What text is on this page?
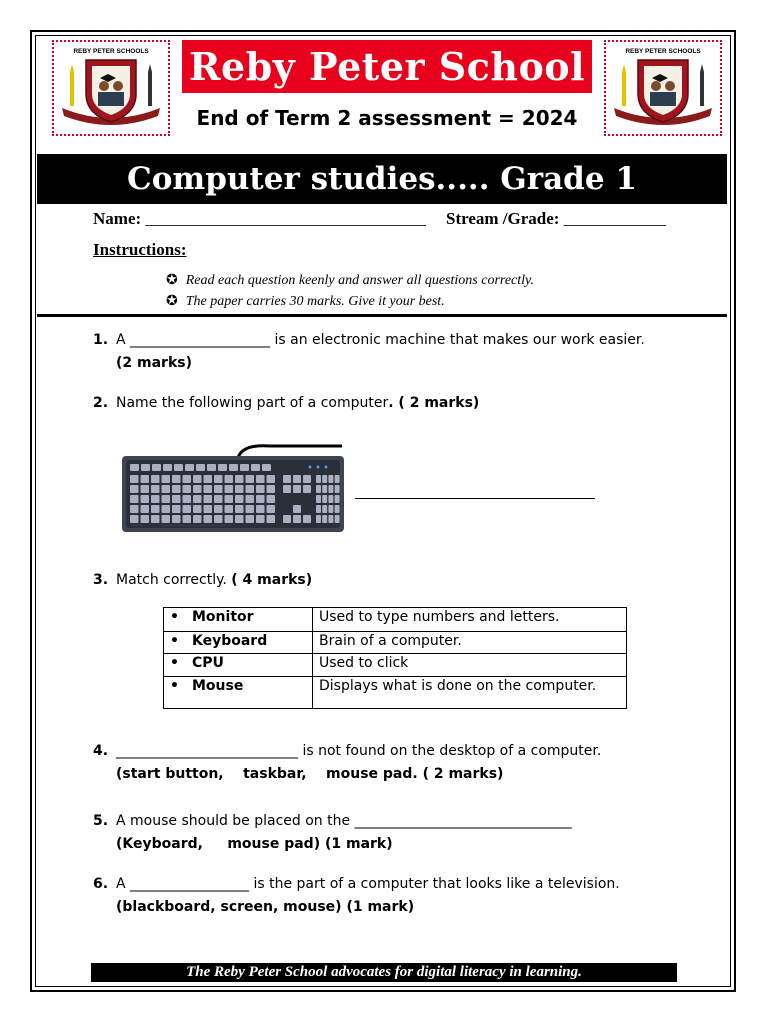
REBY PETER SCHOOLS
EXCELLENCE • HARDWORK • SUCCESS
REBY PETER SCHOOLS
EXCELLENCE • HARDWORK • SUCCESS
Reby Peter School
End of Term 2 assessment = 2024
Computer studies..... Grade 1
Name: _________________________________ Stream /Grade: ____________
Instructions:
✪ Read each question keenly and answer all questions correctly.
✪ The paper carries 30 marks. Give it your best.
1. A ____________________ is an electronic machine that makes our work easier. (2 marks)
2. Name the following part of a computer. ( 2 marks)
3. Match correctly. ( 4 marks)
• Monitor	Used to type numbers and letters.
• Keyboard	Brain of a computer.
• CPU	Used to click
• Mouse	Displays what is done on the computer.
4. __________________________ is not found on the desktop of a computer.
(start button,    taskbar,    mouse pad. ( 2 marks)
5. A mouse should be placed on the _______________________________
(Keyboard,     mouse pad) (1 mark)
6. A _________________ is the part of a computer that looks like a television.
(blackboard, screen, mouse) (1 mark)
The Reby Peter School advocates for digital literacy in learning.
